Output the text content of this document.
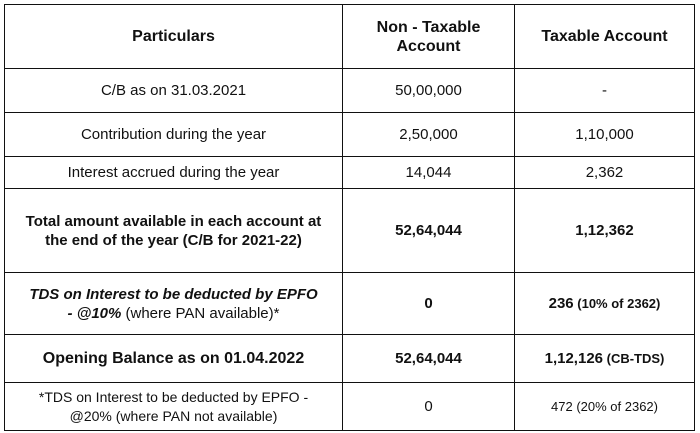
Particulars	Non - Taxable Account	Taxable Account
C/B as on 31.03.2021	50,00,000	-
Contribution during the year	2,50,000	1,10,000
Interest accrued during the year	14,044	2,362
Total amount available in each account at the end of the year (C/B for 2021-22)	52,64,044	1,12,362
TDS on Interest to be deducted by EPFO - @10% (where PAN available)*	0	236 (10% of 2362)
Opening Balance as on 01.04.2022	52,64,044	1,12,126 (CB-TDS)
*TDS on Interest to be deducted by EPFO - @20% (where PAN not available)	0	472 (20% of 2362)
